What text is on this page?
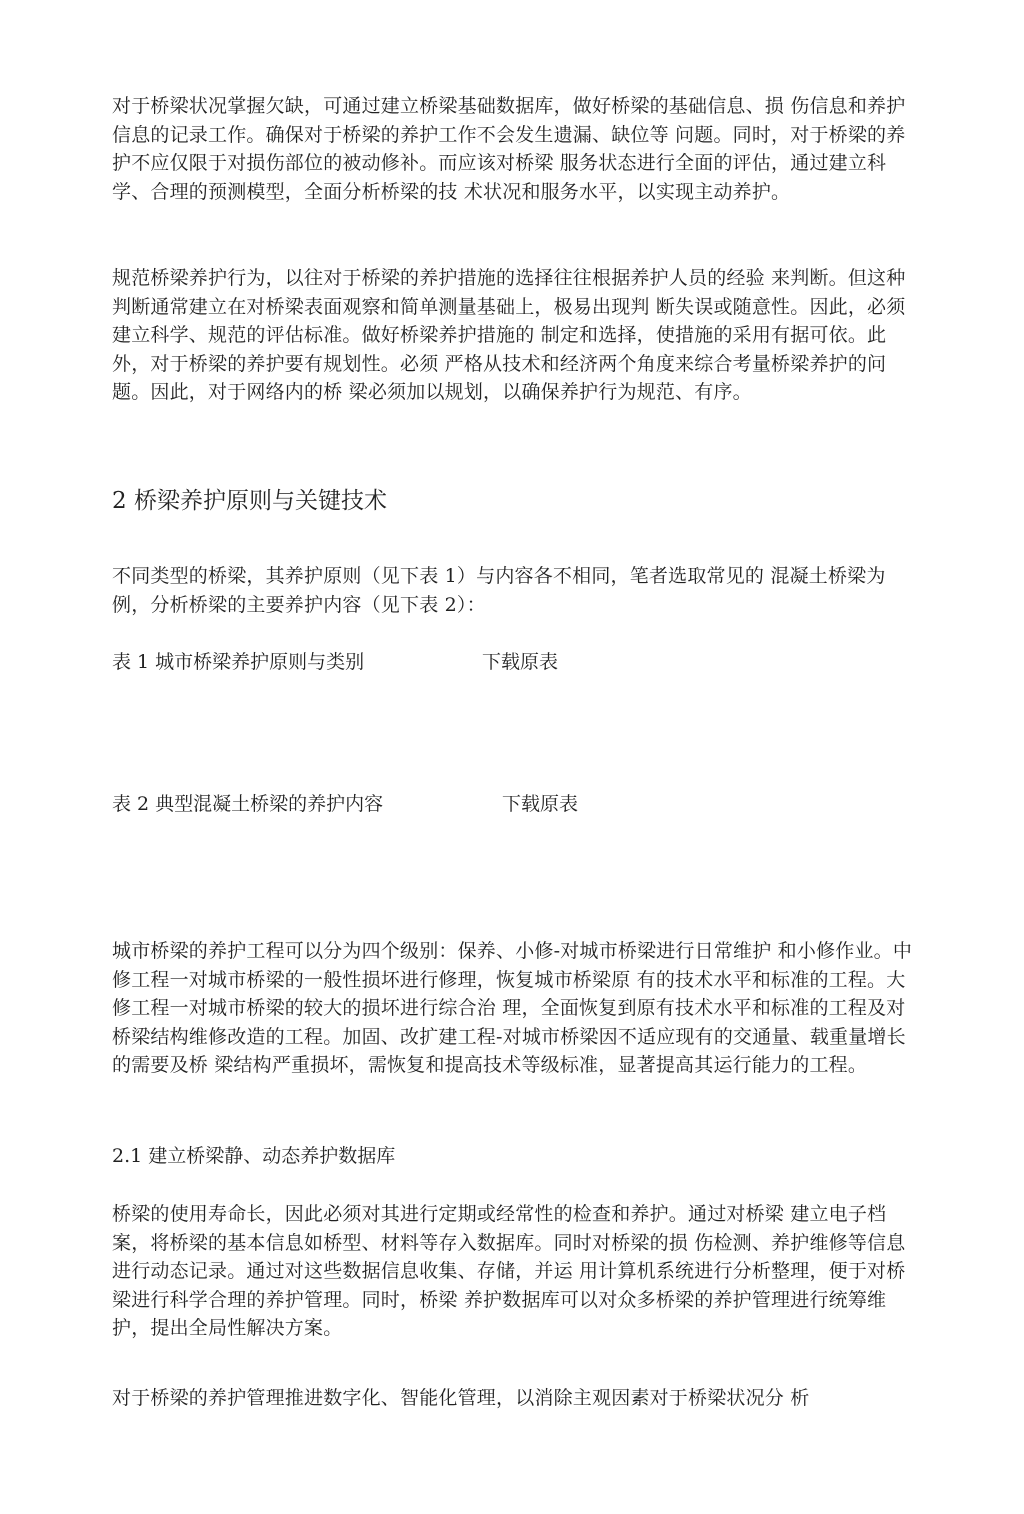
对于桥梁状况掌握欠缺，可通过建立桥梁基础数据库，做好桥梁的基础信息、损 伤信息和养护信息的记录工作。确保对于桥梁的养护工作不会发生遗漏、缺位等 问题。同时，对于桥梁的养护不应仅限于对损伤部位的被动修补。而应该对桥梁 服务状态进行全面的评估，通过建立科学、合理的预测模型，全面分析桥梁的技 术状况和服务水平，以实现主动养护。

规范桥梁养护行为，以往对于桥梁的养护措施的选择往往根据养护人员的经验 来判断。但这种判断通常建立在对桥梁表面观察和简单测量基础上，极易出现判 断失误或随意性。因此，必须建立科学、规范的评估标准。做好桥梁养护措施的 制定和选择，使措施的采用有据可依。此外，对于桥梁的养护要有规划性。必须 严格从技术和经济两个角度来综合考量桥梁养护的问题。因此，对于网络内的桥 梁必须加以规划，以确保养护行为规范、有序。

2 桥梁养护原则与关键技术

不同类型的桥梁，其养护原则（见下表 1）与内容各不相同，笔者选取常见的 混凝土桥梁为例，分析桥梁的主要养护内容（见下表 2）：

表 1 城市桥梁养护原则与类别	下载原表
表 2 典型混凝土桥梁的养护内容	下载原表

城市桥梁的养护工程可以分为四个级别：保养、小修-对城市桥梁进行日常维护 和小修作业。中修工程一对城市桥梁的一般性损坏进行修理，恢复城市桥梁原 有的技术水平和标准的工程。大修工程一对城市桥梁的较大的损坏进行综合治 理，全面恢复到原有技术水平和标准的工程及对桥梁结构维修改造的工程。加固、改扩建工程-对城市桥梁因不适应现有的交通量、载重量增长的需要及桥 梁结构严重损坏，需恢复和提高技术等级标准，显著提高其运行能力的工程。

2.1 建立桥梁静、动态养护数据库

桥梁的使用寿命长，因此必须对其进行定期或经常性的检查和养护。通过对桥梁 建立电子档案，将桥梁的基本信息如桥型、材料等存入数据库。同时对桥梁的损 伤检测、养护维修等信息进行动态记录。通过对这些数据信息收集、存储，并运 用计算机系统进行分析整理，便于对桥梁进行科学合理的养护管理。同时，桥梁 养护数据库可以对众多桥梁的养护管理进行统筹维护，提出全局性解决方案。

对于桥梁的养护管理推进数字化、智能化管理，以消除主观因素对于桥梁状况分 析
